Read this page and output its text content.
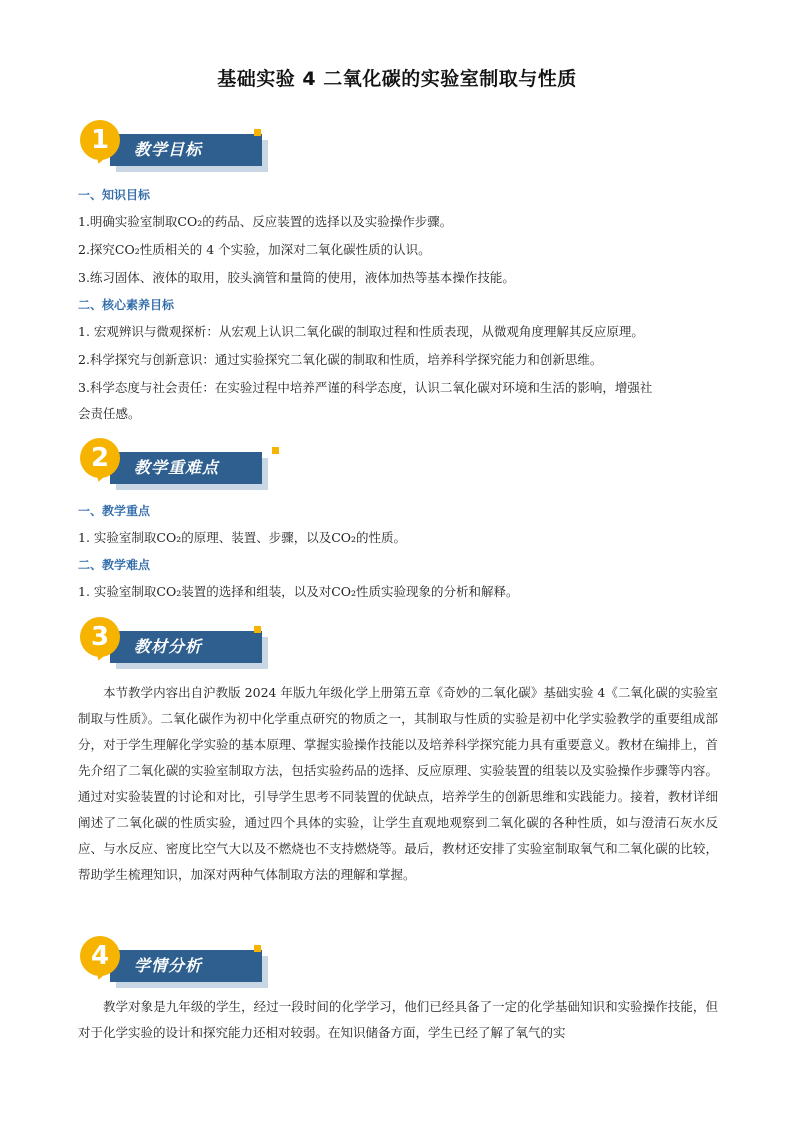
基础实验 4 二氧化碳的实验室制取与性质
1	教学目标
一、知识目标
1.明确实验室制取CO₂的药品、反应装置的选择以及实验操作步骤。
2.探究CO₂性质相关的 4 个实验，加深对二氧化碳性质的认识。
3.练习固体、液体的取用，胶头滴管和量筒的使用，液体加热等基本操作技能。
二、核心素养目标
1. 宏观辨识与微观探析：从宏观上认识二氧化碳的制取过程和性质表现，从微观角度理解其反应原理。
2.科学探究与创新意识：通过实验探究二氧化碳的制取和性质，培养科学探究能力和创新思维。
3.科学态度与社会责任：在实验过程中培养严谨的科学态度，认识二氧化碳对环境和生活的影响，增强社
会责任感。
2	教学重难点
一、教学重点
1. 实验室制取CO₂的原理、装置、步骤，以及CO₂的性质。
二、教学难点
1. 实验室制取CO₂装置的选择和组装，以及对CO₂性质实验现象的分析和解释。
3	教材分析
本节教学内容出自沪教版 2024 年版九年级化学上册第五章《奇妙的二氧化碳》基础实验 4《二氧化碳的实验室制取与性质》。二氧化碳作为初中化学重点研究的物质之一，其制取与性质的实验是初中化学实验教学的重要组成部分，对于学生理解化学实验的基本原理、掌握实验操作技能以及培养科学探究能力具有重要意义。教材在编排上，首先介绍了二氧化碳的实验室制取方法，包括实验药品的选择、反应原理、实验装置的组装以及实验操作步骤等内容。通过对实验装置的讨论和对比，引导学生思考不同装置的优缺点，培养学生的创新思维和实践能力。接着，教材详细阐述了二氧化碳的性质实验，通过四个具体的实验，让学生直观地观察到二氧化碳的各种性质，如与澄清石灰水反应、与水反应、密度比空气大以及不燃烧也不支持燃烧等。最后，教材还安排了实验室制取氧气和二氧化碳的比较，帮助学生梳理知识，加深对两种气体制取方法的理解和掌握。
4	学情分析
教学对象是九年级的学生，经过一段时间的化学学习，他们已经具备了一定的化学基础知识和实验操作技能，但对于化学实验的设计和探究能力还相对较弱。在知识储备方面，学生已经了解了氧气的实
